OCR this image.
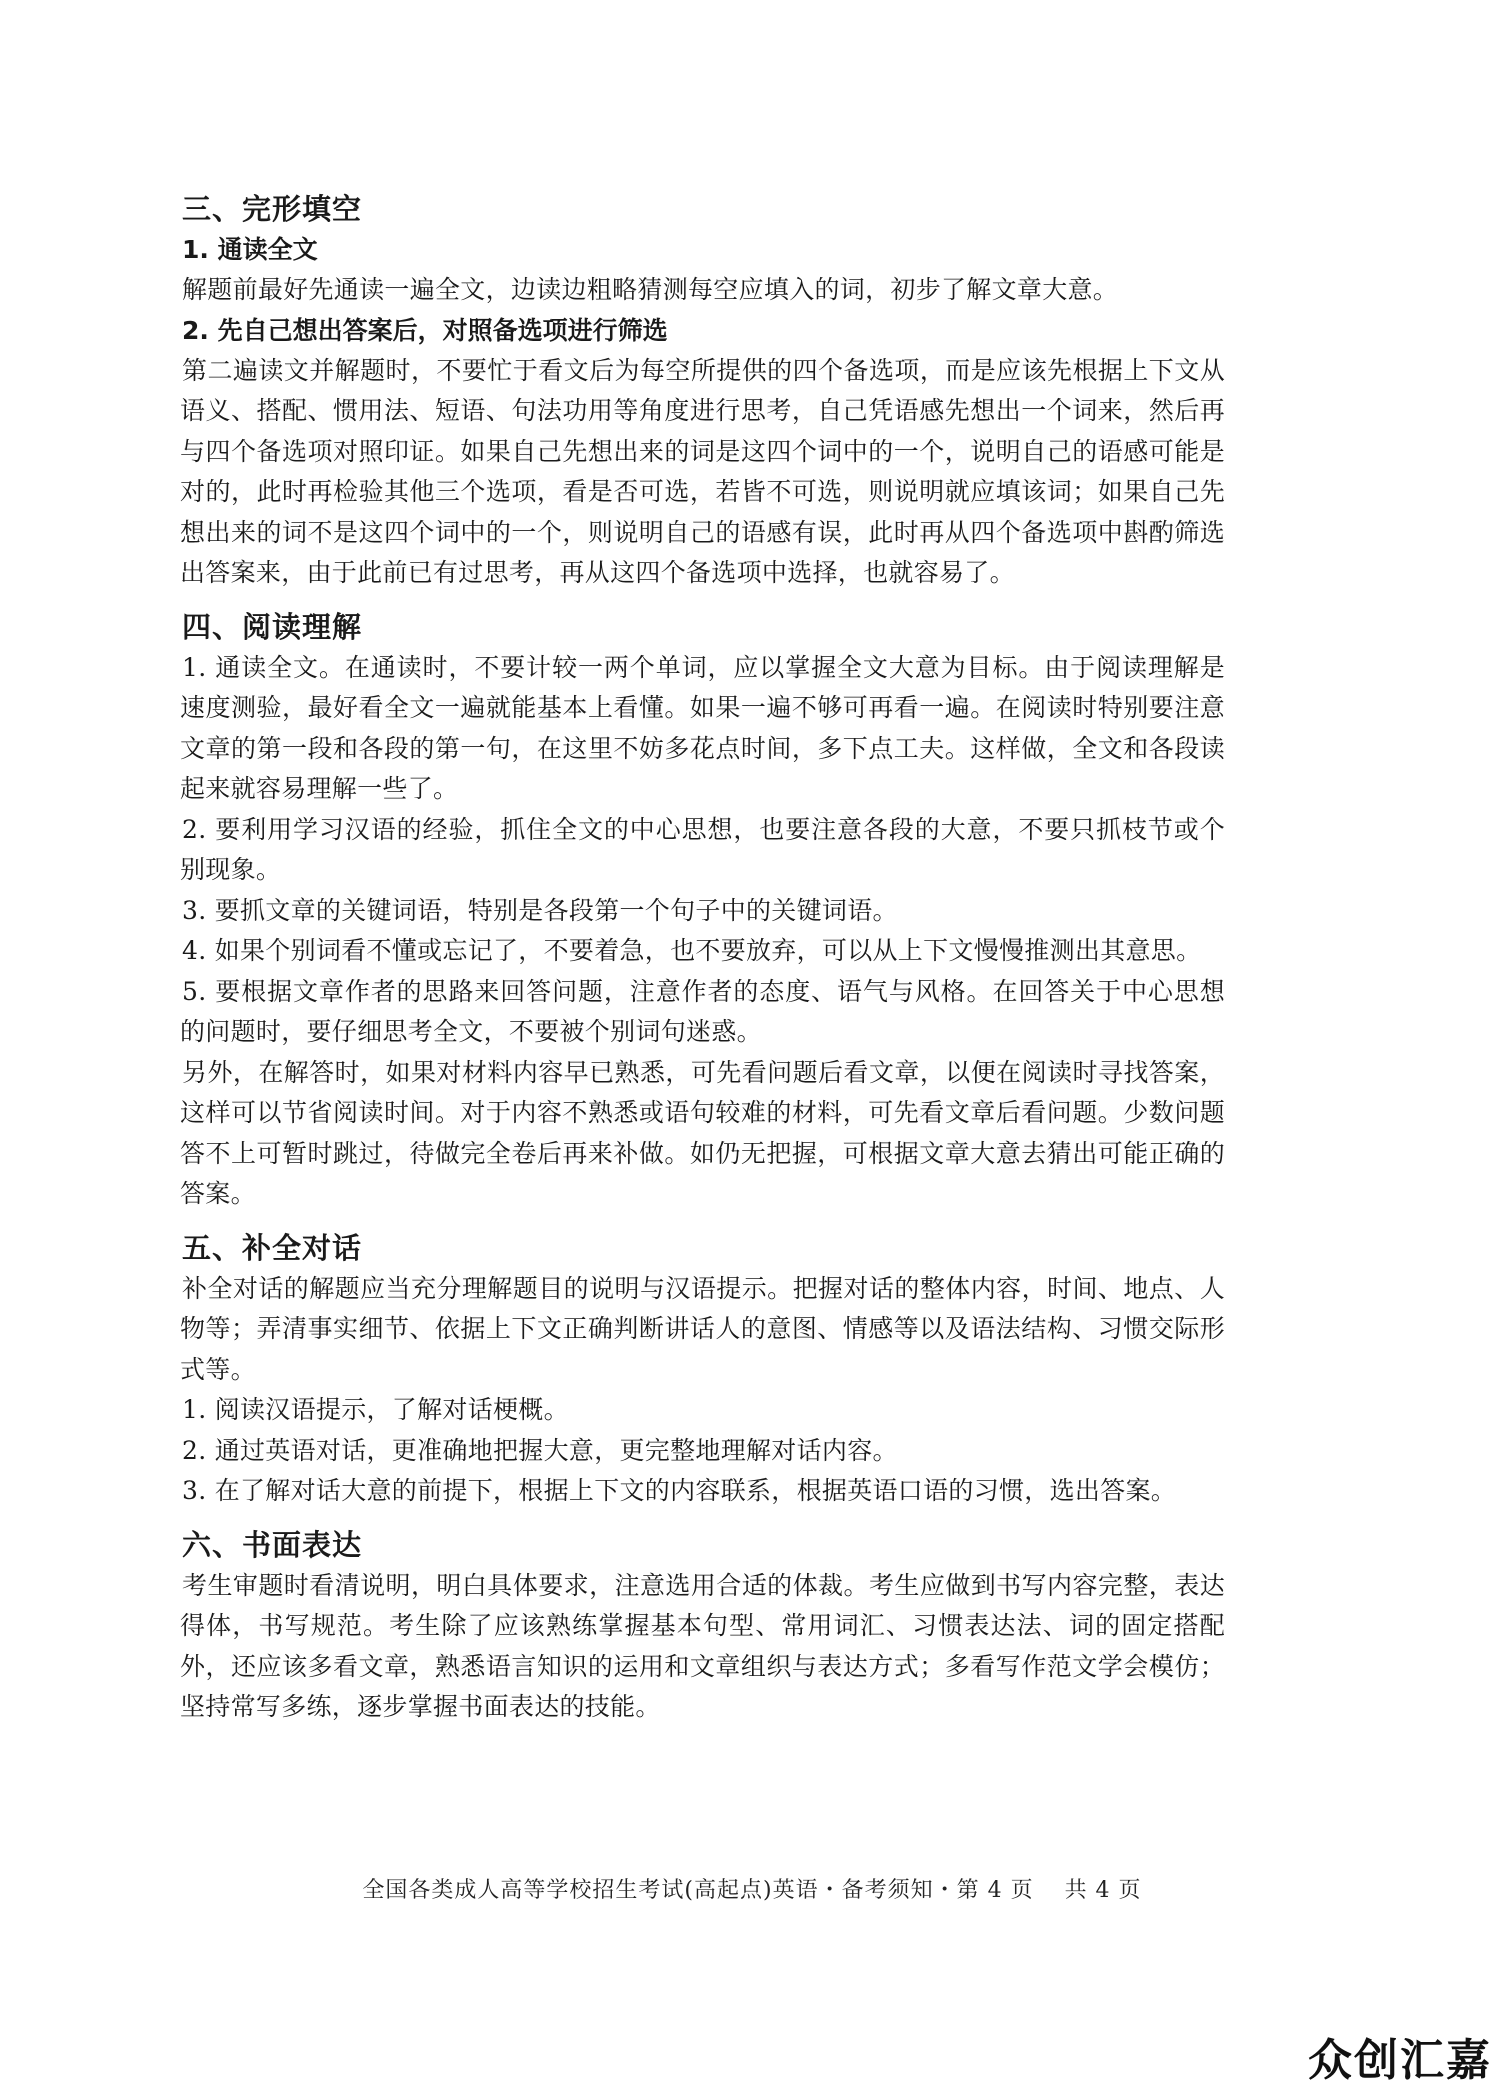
三、完形填空
1. 通读全文

解题前最好先通读一遍全文，边读边粗略猜测每空应填入的词，初步了解文章大意。

2. 先自己想出答案后，对照备选项进行筛选

第二遍读文并解题时，不要忙于看文后为每空所提供的四个备选项，而是应该先根据上下文从语义、搭配、惯用法、短语、句法功用等角度进行思考，自己凭语感先想出一个词来，然后再与四个备选项对照印证。如果自己先想出来的词是这四个词中的一个，说明自己的语感可能是对的，此时再检验其他三个选项，看是否可选，若皆不可选，则说明就应填该词；如果自己先想出来的词不是这四个词中的一个，则说明自己的语感有误，此时再从四个备选项中斟酌筛选出答案来，由于此前已有过思考，再从这四个备选项中选择，也就容易了。

四、阅读理解

1. 通读全文。在通读时，不要计较一两个单词，应以掌握全文大意为目标。由于阅读理解是速度测验，最好看全文一遍就能基本上看懂。如果一遍不够可再看一遍。在阅读时特别要注意文章的第一段和各段的第一句，在这里不妨多花点时间，多下点工夫。这样做，全文和各段读起来就容易理解一些了。

2. 要利用学习汉语的经验，抓住全文的中心思想，也要注意各段的大意，不要只抓枝节或个别现象。

3. 要抓文章的关键词语，特别是各段第一个句子中的关键词语。

4. 如果个别词看不懂或忘记了，不要着急，也不要放弃，可以从上下文慢慢推测出其意思。

5. 要根据文章作者的思路来回答问题，注意作者的态度、语气与风格。在回答关于中心思想的问题时，要仔细思考全文，不要被个别词句迷惑。

另外，在解答时，如果对材料内容早已熟悉，可先看问题后看文章，以便在阅读时寻找答案，这样可以节省阅读时间。对于内容不熟悉或语句较难的材料，可先看文章后看问题。少数问题答不上可暂时跳过，待做完全卷后再来补做。如仍无把握，可根据文章大意去猜出可能正确的答案。

五、补全对话

补全对话的解题应当充分理解题目的说明与汉语提示。把握对话的整体内容，时间、地点、人物等；弄清事实细节、依据上下文正确判断讲话人的意图、情感等以及语法结构、习惯交际形式等。

1. 阅读汉语提示，了解对话梗概。

2. 通过英语对话，更准确地把握大意，更完整地理解对话内容。

3. 在了解对话大意的前提下，根据上下文的内容联系，根据英语口语的习惯，选出答案。

六、书面表达

考生审题时看清说明，明白具体要求，注意选用合适的体裁。考生应做到书写内容完整，表达得体，书写规范。考生除了应该熟练掌握基本句型、常用词汇、习惯表达法、词的固定搭配外，还应该多看文章，熟悉语言知识的运用和文章组织与表达方式；多看写作范文学会模仿；坚持常写多练，逐步掌握书面表达的技能。

全国各类成人高等学校招生考试(高起点)英语・备考须知・第 4 页　 共 4 页
众创汇嘉
